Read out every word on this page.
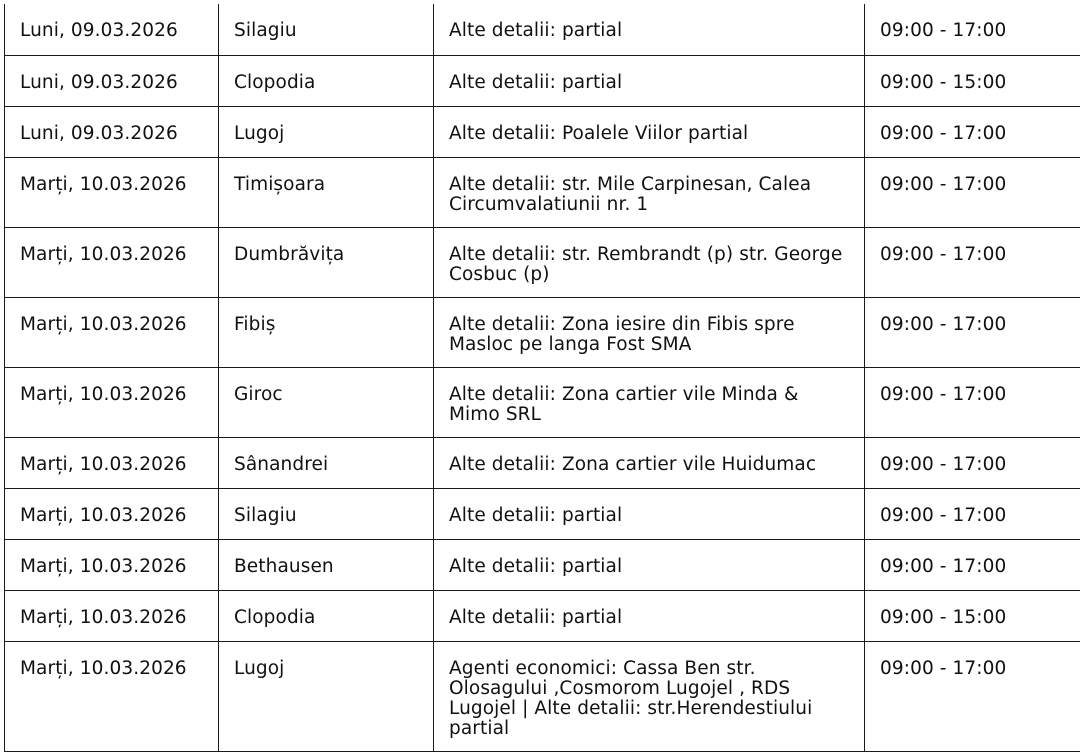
Luni, 09.03.2026	Silagiu	Alte detalii: partial	09:00 - 17:00
Luni, 09.03.2026	Clopodia	Alte detalii: partial	09:00 - 15:00
Luni, 09.03.2026	Lugoj	Alte detalii: Poalele Viilor partial	09:00 - 17:00
Marți, 10.03.2026	Timișoara	Alte detalii: str. Mile Carpinesan, Calea Circumvalatiunii nr. 1	09:00 - 17:00
Marți, 10.03.2026	Dumbrăvița	Alte detalii: str. Rembrandt (p) str. George Cosbuc (p)	09:00 - 17:00
Marți, 10.03.2026	Fibiș	Alte detalii: Zona iesire din Fibis spre Masloc pe langa Fost SMA	09:00 - 17:00
Marți, 10.03.2026	Giroc	Alte detalii: Zona cartier vile Minda & Mimo SRL	09:00 - 17:00
Marți, 10.03.2026	Sânandrei	Alte detalii: Zona cartier vile Huidumac	09:00 - 17:00
Marți, 10.03.2026	Silagiu	Alte detalii: partial	09:00 - 17:00
Marți, 10.03.2026	Bethausen	Alte detalii: partial	09:00 - 17:00
Marți, 10.03.2026	Clopodia	Alte detalii: partial	09:00 - 15:00
Marți, 10.03.2026	Lugoj	Agenti economici: Cassa Ben str. Olosagului ,Cosmorom Lugojel , RDS Lugojel | Alte detalii: str.Herendestiului partial	09:00 - 17:00
